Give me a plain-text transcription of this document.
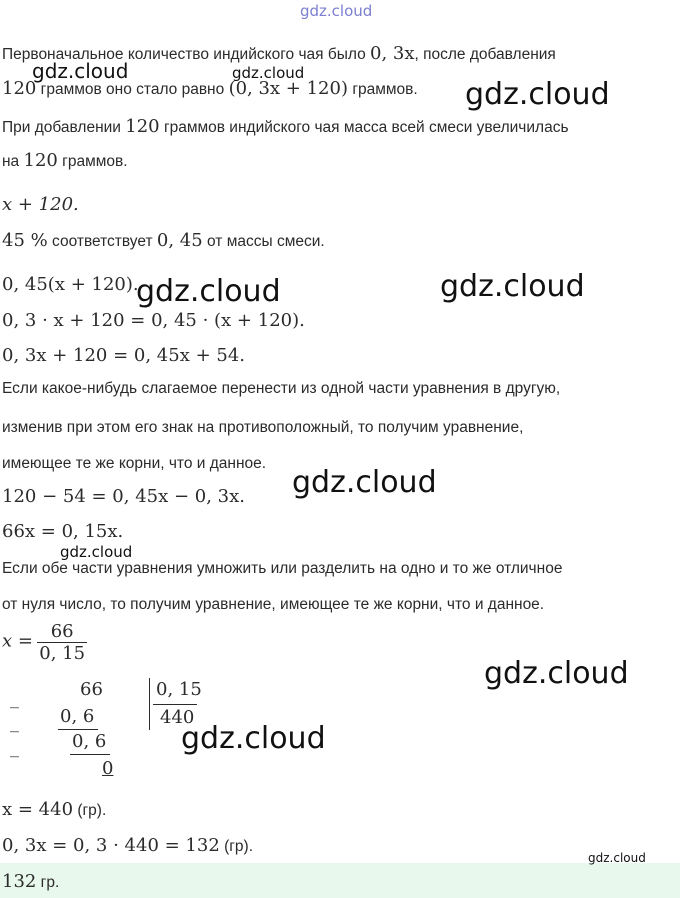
gdz.cloud
gdz.cloud	gdz.cloud
gdz.cloud
gdz.cloud	gdz.cloud
gdz.cloud
gdz.cloud
gdz.cloud
gdz.cloud
gdz.cloud
Первоначальное количество индийского чая было 0, 3x, после добавления
120 граммов оно стало равно (0, 3x + 120) граммов.
При добавлении 120 граммов индийского чая масса всей смеси увеличилась
на 120 граммов.
x + 120.
45 % соответствует 0, 45 от массы смеси.
0, 45(x + 120).
0, 3 · x + 120 = 0, 45 · (x + 120).
0, 3x + 120 = 0, 45x + 54.
Если какое-нибудь слагаемое перенести из одной части уравнения в другую,
изменив при этом его знак на противоположный, то получим уравнение,
имеющее те же корни, что и данное.
120 − 54 = 0, 45x − 0, 3x.
66x = 0, 15x.
Если обе части уравнения умножить или разделить на одно и то же отличное
от нуля число, то получим уравнение, имеющее те же корни, что и данное.
$x = \frac{66}{0, 15}$
66	0, 15
440
_
0, 6
_
0, 6
_
0
x = 440 (гр).
0, 3x = 0, 3 · 440 = 132 (гр).
132 гр.
